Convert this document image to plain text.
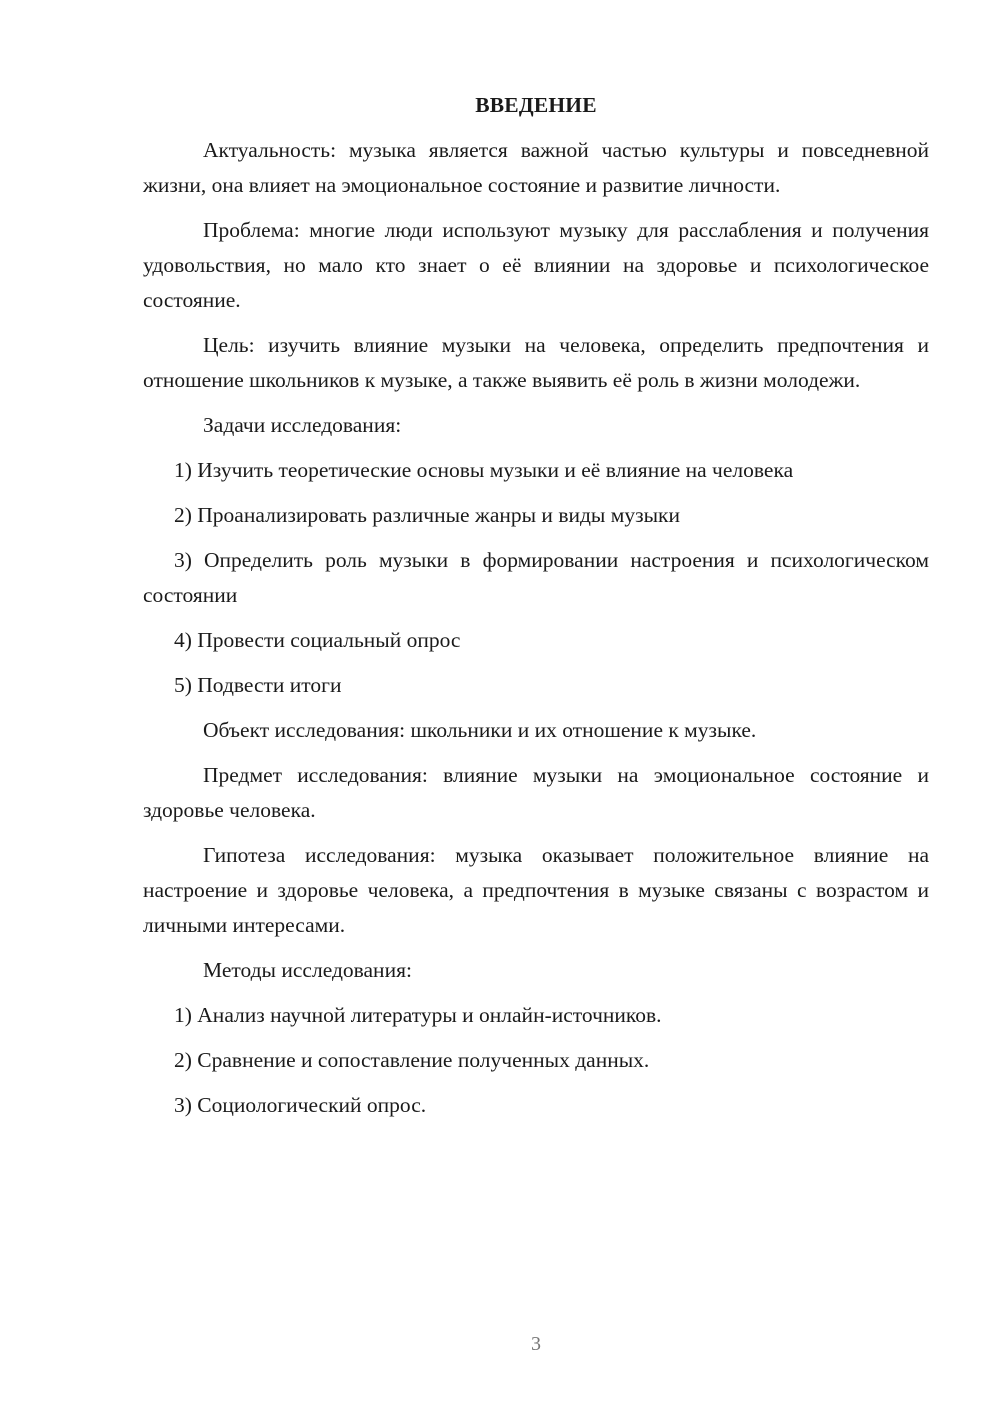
ВВЕДЕНИЕ

Актуальность: музыка является важной частью культуры и повседневной жизни, она влияет на эмоциональное состояние и развитие личности.

Проблема: многие люди используют музыку для расслабления и получения удовольствия, но мало кто знает о её влиянии на здоровье и психологическое состояние.

Цель: изучить влияние музыки на человека, определить предпочтения и отношение школьников к музыке, а также выявить её роль в жизни молодежи.

Задачи исследования:

1) Изучить теоретические основы музыки и её влияние на человека

2) Проанализировать различные жанры и виды музыки

3) Определить роль музыки в формировании настроения и психологическом состоянии

4) Провести социальный опрос

5) Подвести итоги

Объект исследования: школьники и их отношение к музыке.

Предмет исследования: влияние музыки на эмоциональное состояние и здоровье человека.

Гипотеза исследования: музыка оказывает положительное влияние на настроение и здоровье человека, а предпочтения в музыке связаны с возрастом и личными интересами.

Методы исследования:

1) Анализ научной литературы и онлайн-источников.

2) Сравнение и сопоставление полученных данных.

3) Социологический опрос.

3
